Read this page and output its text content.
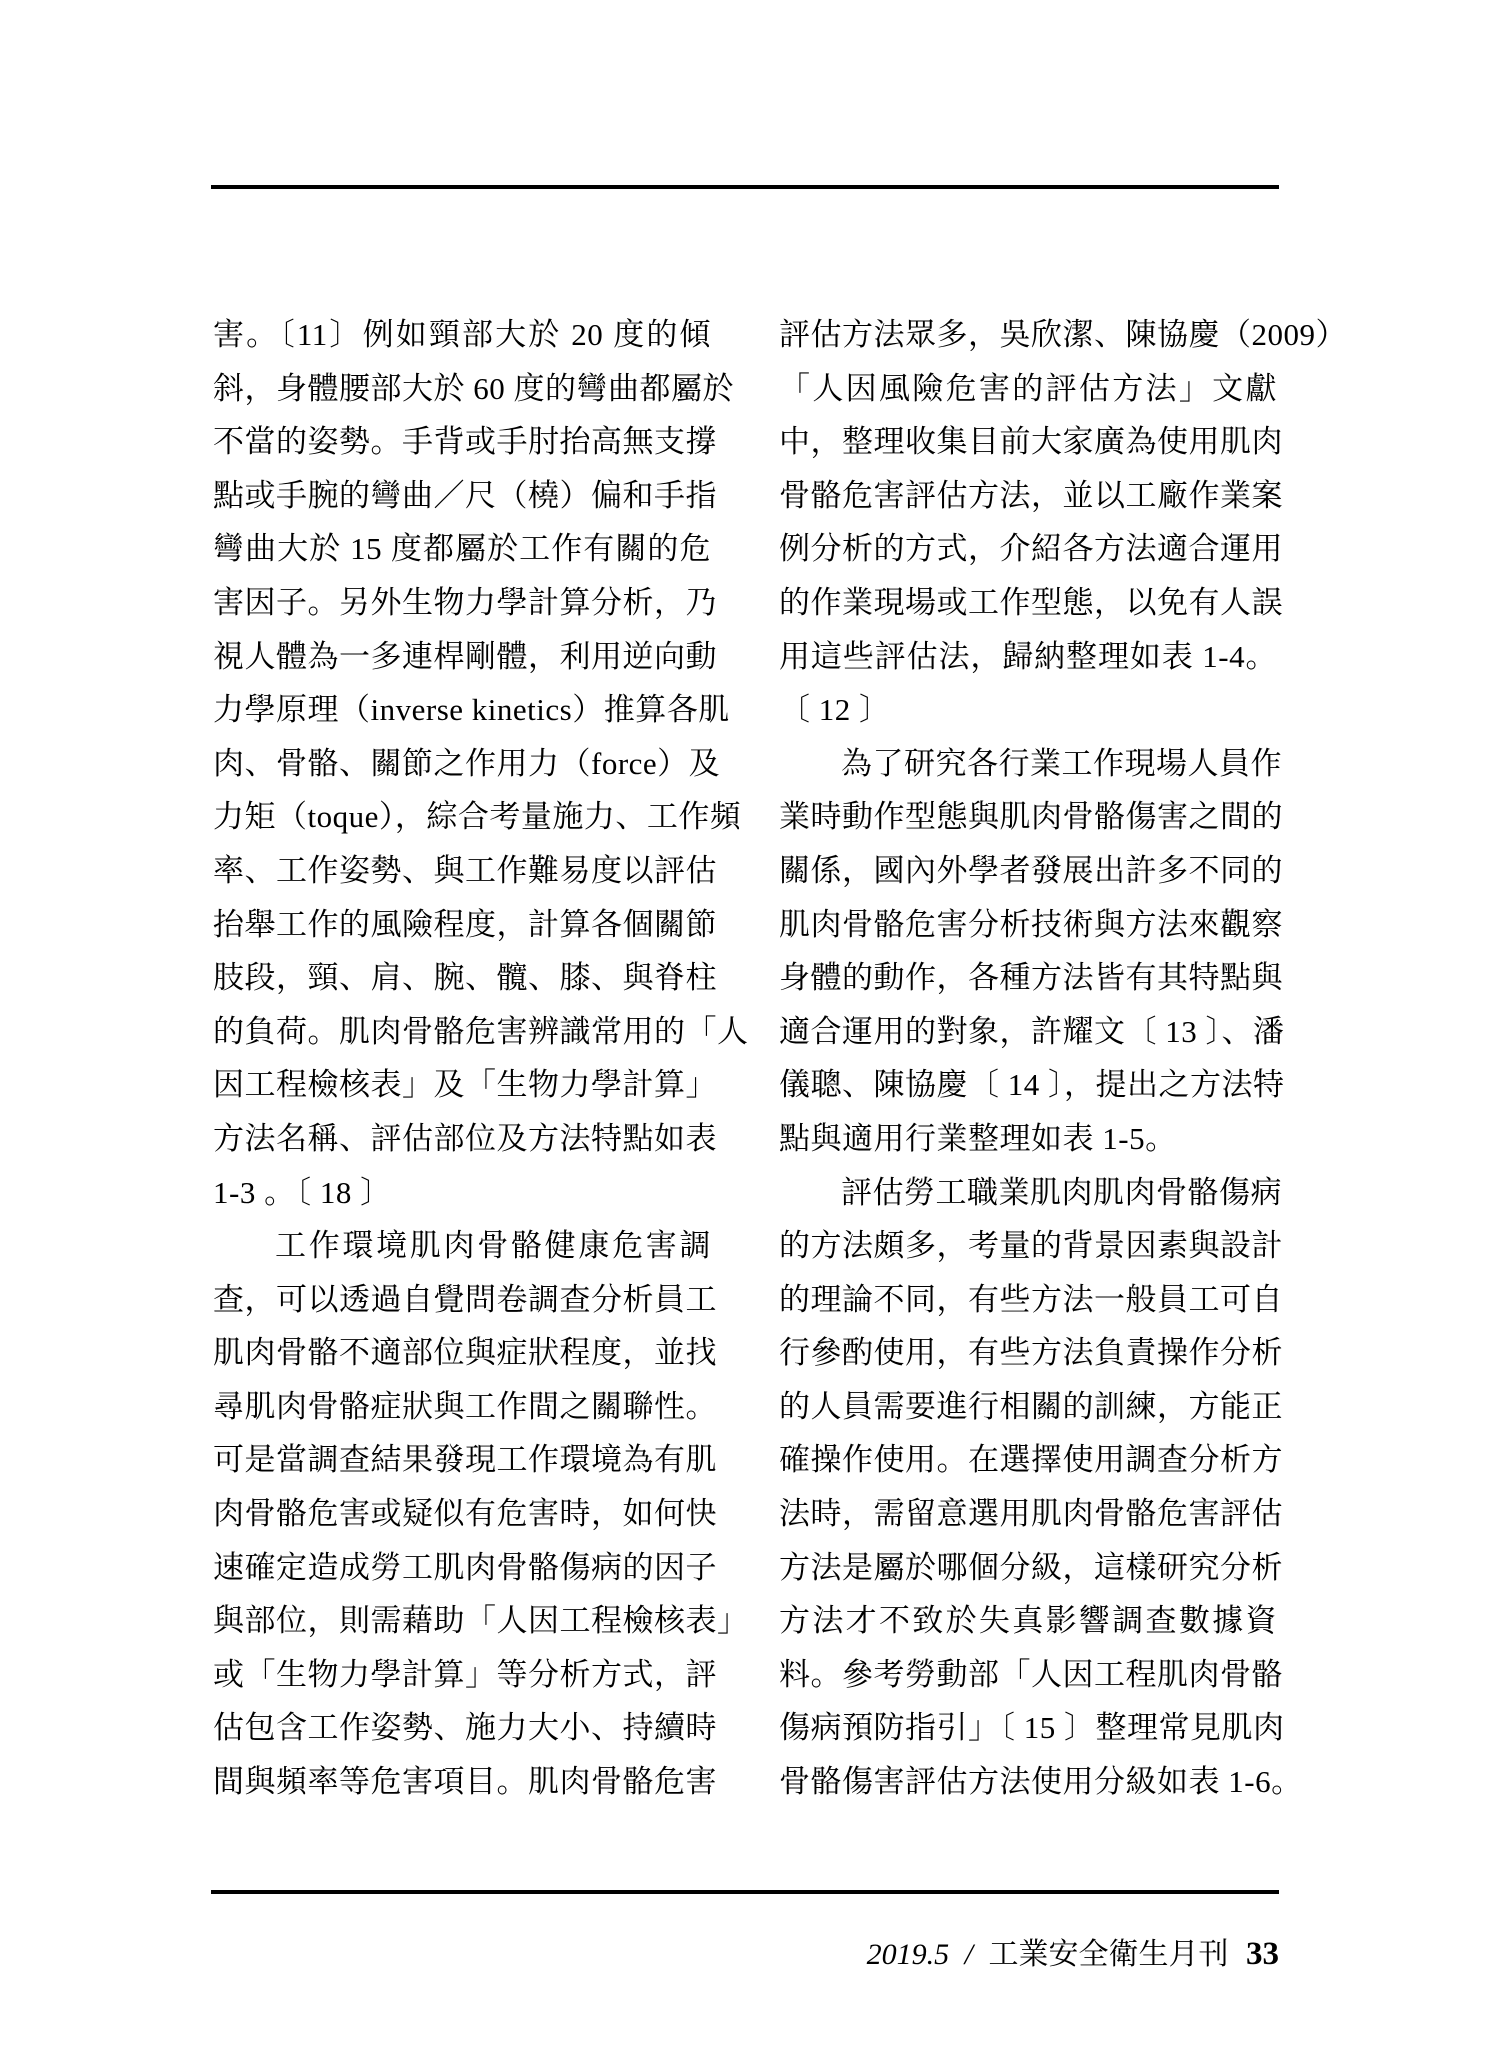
害。〔11〕例如頸部大於 20 度的傾
斜，身體腰部大於 60 度的彎曲都屬於
不當的姿勢。手背或手肘抬高無支撐
點或手腕的彎曲／尺（橈）偏和手指
彎曲大於 15 度都屬於工作有關的危
害因子。另外生物力學計算分析，乃
視人體為一多連桿剛體，利用逆向動
力學原理（inverse kinetics）推算各肌
肉、骨骼、關節之作用力（force）及
力矩（toque），綜合考量施力、工作頻
率、工作姿勢、與工作難易度以評估
抬舉工作的風險程度，計算各個關節
肢段，頸、肩、腕、髖、膝、與脊柱
的負荷。肌肉骨骼危害辨識常用的「人
因工程檢核表」及「生物力學計算」
方法名稱、評估部位及方法特點如表
1-3 。〔 18 〕
工作環境肌肉骨骼健康危害調
查，可以透過自覺問卷調查分析員工
肌肉骨骼不適部位與症狀程度，並找
尋肌肉骨骼症狀與工作間之關聯性。
可是當調查結果發現工作環境為有肌
肉骨骼危害或疑似有危害時，如何快
速確定造成勞工肌肉骨骼傷病的因子
與部位，則需藉助「人因工程檢核表」
或「生物力學計算」等分析方式，評
估包含工作姿勢、施力大小、持續時
間與頻率等危害項目。肌肉骨骼危害
評估方法眾多，吳欣潔、陳協慶（2009）
「人因風險危害的評估方法」文獻
中，整理收集目前大家廣為使用肌肉
骨骼危害評估方法，並以工廠作業案
例分析的方式，介紹各方法適合運用
的作業現場或工作型態，以免有人誤
用這些評估法，歸納整理如表 1-4。
〔 12 〕
為了研究各行業工作現場人員作
業時動作型態與肌肉骨骼傷害之間的
關係，國內外學者發展出許多不同的
肌肉骨骼危害分析技術與方法來觀察
身體的動作，各種方法皆有其特點與
適合運用的對象，許耀文〔 13 〕、潘
儀聰、陳協慶〔 14 〕，提出之方法特
點與適用行業整理如表 1-5。
評估勞工職業肌肉肌肉骨骼傷病
的方法頗多，考量的背景因素與設計
的理論不同，有些方法一般員工可自
行參酌使用，有些方法負責操作分析
的人員需要進行相關的訓練，方能正
確操作使用。在選擇使用調查分析方
法時，需留意選用肌肉骨骼危害評估
方法是屬於哪個分級，這樣研究分析
方法才不致於失真影響調查數據資
料。參考勞動部「人因工程肌肉骨骼
傷病預防指引」〔 15 〕整理常見肌肉
骨骼傷害評估方法使用分級如表 1-6。
2019.5 / 工業安全衛生月刊 33
